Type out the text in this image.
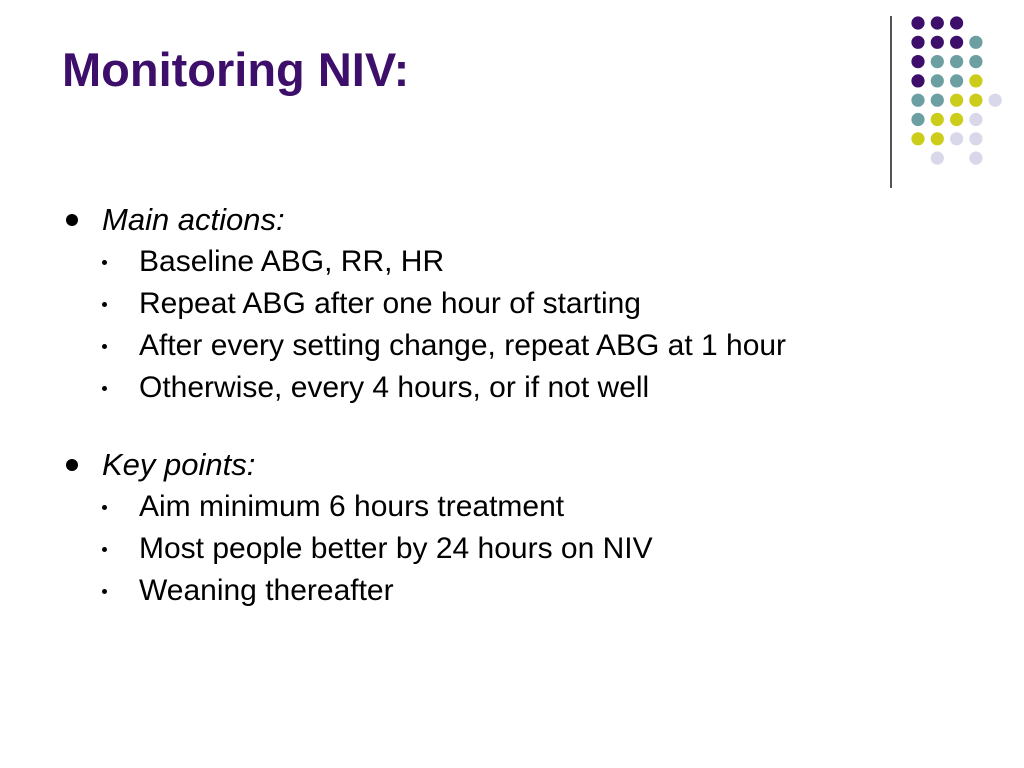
Monitoring NIV:
Main actions:
Baseline ABG, RR, HR
Repeat ABG after one hour of starting
After every setting change, repeat ABG at 1 hour
Otherwise, every 4 hours, or if not well
Key points:
Aim minimum 6 hours treatment
Most people better by 24 hours on NIV
Weaning thereafter
